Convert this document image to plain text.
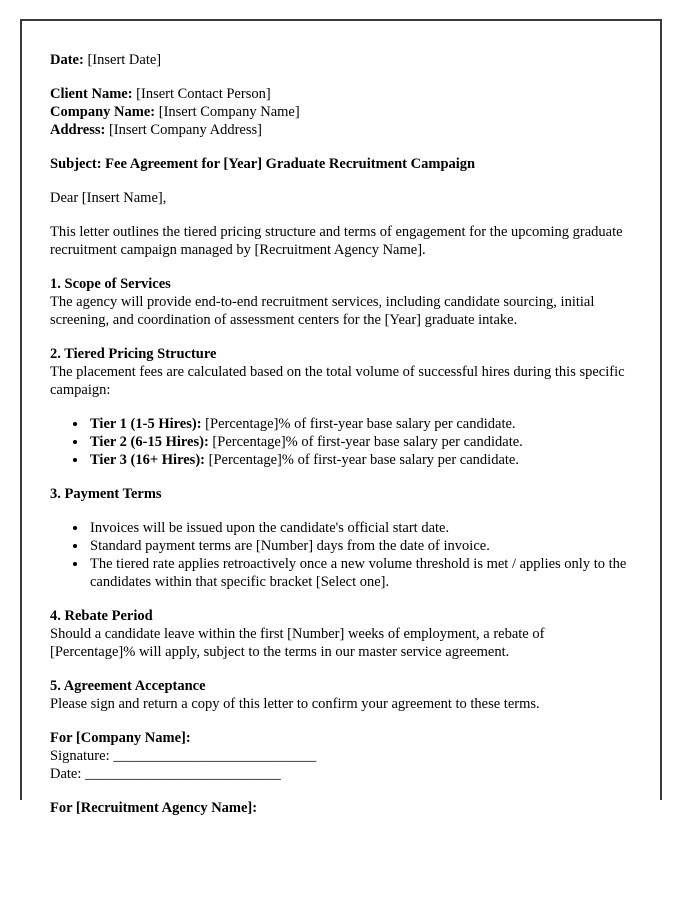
Date: [Insert Date]

Client Name: [Insert Contact Person]
Company Name: [Insert Company Name]
Address: [Insert Company Address]

Subject: Fee Agreement for [Year] Graduate Recruitment Campaign

Dear [Insert Name],

This letter outlines the tiered pricing structure and terms of engagement for the upcoming graduate recruitment campaign managed by [Recruitment Agency Name].

1. Scope of Services
The agency will provide end-to-end recruitment services, including candidate sourcing, initial screening, and coordination of assessment centers for the [Year] graduate intake.
2. Tiered Pricing Structure
The placement fees are calculated based on the total volume of successful hires during this specific campaign:
• Tier 1 (1-5 Hires): [Percentage]% of first-year base salary per candidate.
• Tier 2 (6-15 Hires): [Percentage]% of first-year base salary per candidate.
• Tier 3 (16+ Hires): [Percentage]% of first-year base salary per candidate.
3. Payment Terms
• Invoices will be issued upon the candidate's official start date.
• Standard payment terms are [Number] days from the date of invoice.
• The tiered rate applies retroactively once a new volume threshold is met / applies only to the candidates within that specific bracket [Select one].
4. Rebate Period
Should a candidate leave within the first [Number] weeks of employment, a rebate of [Percentage]% will apply, subject to the terms in our master service agreement.
5. Agreement Acceptance
Please sign and return a copy of this letter to confirm your agreement to these terms.
For [Company Name]:
Signature: ____________________________
Date: ___________________________
For [Recruitment Agency Name]:
